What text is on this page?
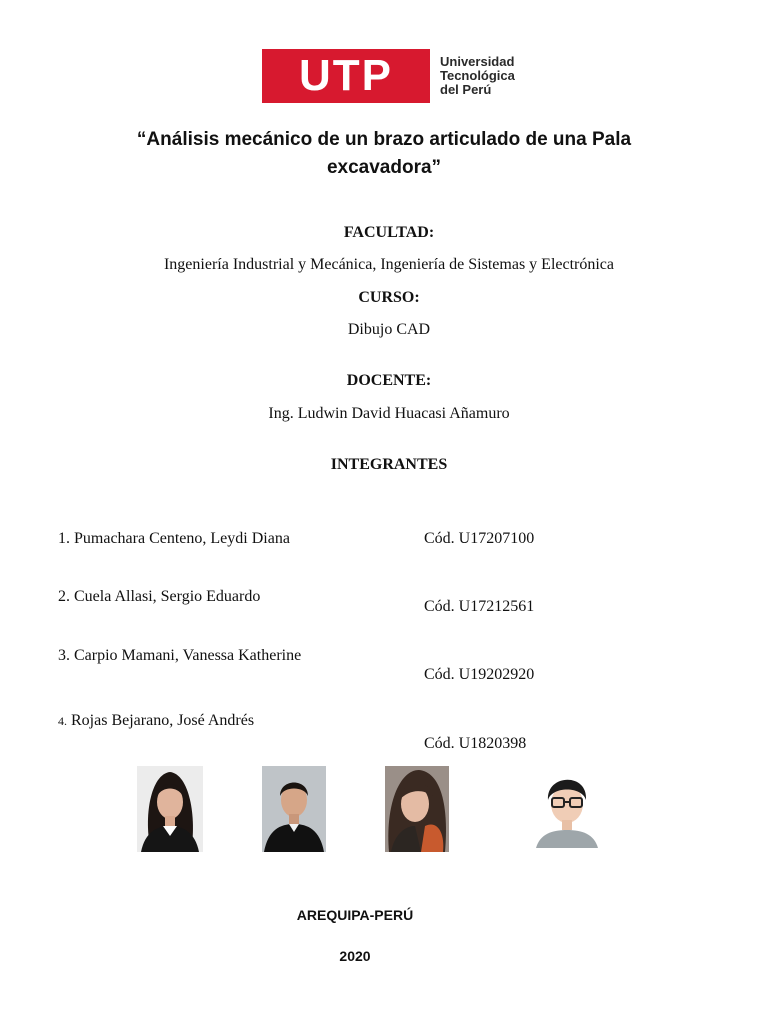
UTP	Universidad
Tecnológica
del Perú
“Análisis mecánico de un brazo articulado de una Pala
excavadora”
FACULTAD:
Ingeniería Industrial y Mecánica, Ingeniería de Sistemas y Electrónica
CURSO:
Dibujo CAD
DOCENTE:
Ing. Ludwin David Huacasi Añamuro
INTEGRANTES
1. Pumachara Centeno, Leydi Diana	Cód. U17207100
2. Cuela Allasi, Sergio Eduardo
Cód. U17212561
3. Carpio Mamani, Vanessa Katherine
Cód. U19202920
4. Rojas Bejarano, José Andrés
Cód. U1820398
AREQUIPA-PERÚ
2020
